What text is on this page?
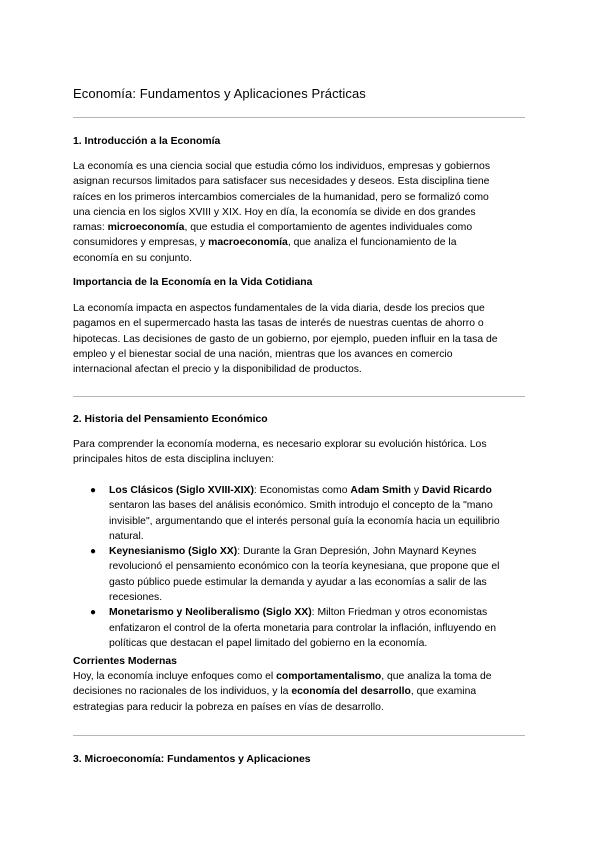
Economía: Fundamentos y Aplicaciones Prácticas
1. Introducción a la Economía
La economía es una ciencia social que estudia cómo los individuos, empresas y gobiernos
asignan recursos limitados para satisfacer sus necesidades y deseos. Esta disciplina tiene
raíces en los primeros intercambios comerciales de la humanidad, pero se formalizó como
una ciencia en los siglos XVIII y XIX. Hoy en día, la economía se divide en dos grandes
ramas: microeconomía, que estudia el comportamiento de agentes individuales como
consumidores y empresas, y macroeconomía, que analiza el funcionamiento de la
economía en su conjunto.
Importancia de la Economía en la Vida Cotidiana
La economía impacta en aspectos fundamentales de la vida diaria, desde los precios que
pagamos en el supermercado hasta las tasas de interés de nuestras cuentas de ahorro o
hipotecas. Las decisiones de gasto de un gobierno, por ejemplo, pueden influir en la tasa de
empleo y el bienestar social de una nación, mientras que los avances en comercio
internacional afectan el precio y la disponibilidad de productos.
2. Historia del Pensamiento Económico
Para comprender la economía moderna, es necesario explorar su evolución histórica. Los
principales hitos de esta disciplina incluyen:
● Los Clásicos (Siglo XVIII-XIX): Economistas como Adam Smith y David Ricardo
sentaron las bases del análisis económico. Smith introdujo el concepto de la "mano
invisible", argumentando que el interés personal guía la economía hacia un equilibrio
natural.
● Keynesianismo (Siglo XX): Durante la Gran Depresión, John Maynard Keynes
revolucionó el pensamiento económico con la teoría keynesiana, que propone que el
gasto público puede estimular la demanda y ayudar a las economías a salir de las
recesiones.
● Monetarismo y Neoliberalismo (Siglo XX): Milton Friedman y otros economistas
enfatizaron el control de la oferta monetaria para controlar la inflación, influyendo en
políticas que destacan el papel limitado del gobierno en la economía.
Corrientes Modernas
Hoy, la economía incluye enfoques como el comportamentalismo, que analiza la toma de
decisiones no racionales de los individuos, y la economía del desarrollo, que examina
estrategias para reducir la pobreza en países en vías de desarrollo.
3. Microeconomía: Fundamentos y Aplicaciones
